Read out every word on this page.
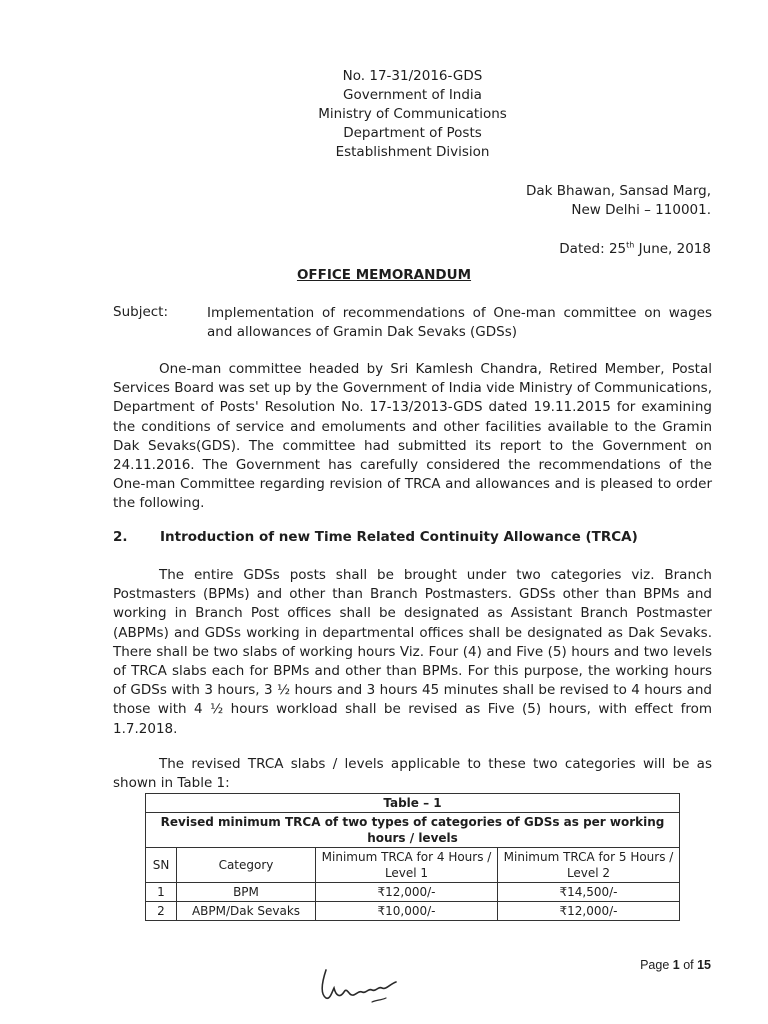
No. 17-31/2016-GDS
Government of India
Ministry of Communications
Department of Posts
Establishment Division
Dak Bhawan, Sansad Marg,
New Delhi – 110001.
Dated: 25th June, 2018
OFFICE MEMORANDUM
Subject:	Implementation of recommendations of One-man committee on wages and allowances of Gramin Dak Sevaks (GDSs)
One-man committee headed by Sri Kamlesh Chandra, Retired Member, Postal Services Board was set up by the Government of India vide Ministry of Communications, Department of Posts' Resolution No. 17-13/2013-GDS dated 19.11.2015 for examining the conditions of service and emoluments and other facilities available to the Gramin Dak Sevaks(GDS). The committee had submitted its report to the Government on 24.11.2016. The Government has carefully considered the recommendations of the One-man Committee regarding revision of TRCA and allowances and is pleased to order the following.
2. Introduction of new Time Related Continuity Allowance (TRCA)
The entire GDSs posts shall be brought under two categories viz. Branch Postmasters (BPMs) and other than Branch Postmasters. GDSs other than BPMs and working in Branch Post offices shall be designated as Assistant Branch Postmaster (ABPMs) and GDSs working in departmental offices shall be designated as Dak Sevaks. There shall be two slabs of working hours Viz. Four (4) and Five (5) hours and two levels of TRCA slabs each for BPMs and other than BPMs. For this purpose, the working hours of GDSs with 3 hours, 3 ½ hours and 3 hours 45 minutes shall be revised to 4 hours and those with 4 ½ hours workload shall be revised as Five (5) hours, with effect from 1.7.2018.
The revised TRCA slabs / levels applicable to these two categories will be as shown in Table 1:
Table – 1			
Revised minimum TRCA of two types of categories of GDSs as per working hours / levels			
SN	Category	Minimum TRCA for 4 Hours / Level 1	Minimum TRCA for 5 Hours / Level 2
1	BPM	₹12,000/-	₹14,500/-
2	ABPM/Dak Sevaks	₹10,000/-	₹12,000/-
Page 1 of 15
